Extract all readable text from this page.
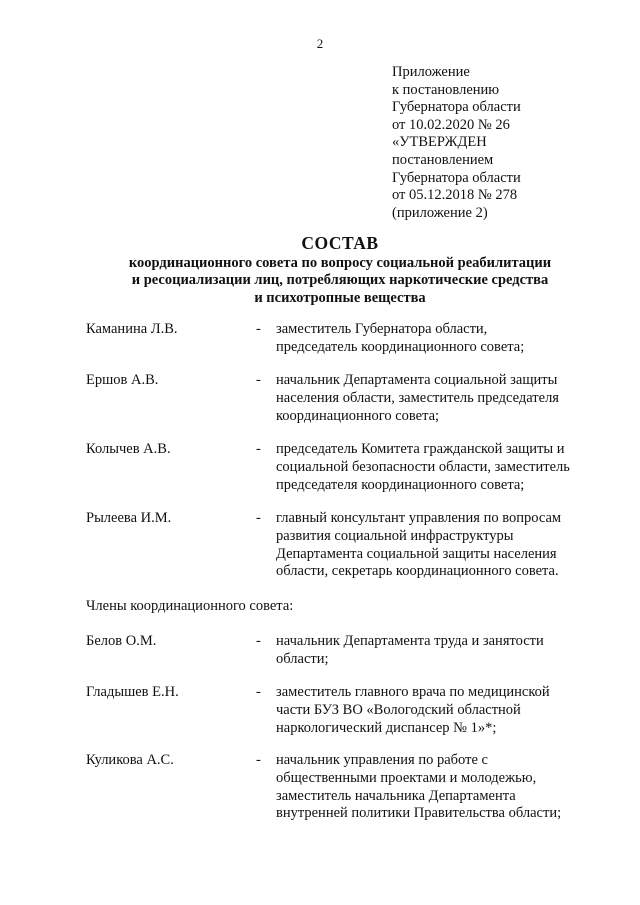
2
Приложение
к постановлению
Губернатора области
от 10.02.2020 № 26
«УТВЕРЖДЕН
постановлением
Губернатора области
от 05.12.2018 № 278
(приложение 2)
СОСТАВ
координационного совета по вопросу социальной реабилитации
и ресоциализации лиц, потребляющих наркотические средства
и психотропные вещества
Каманина Л.В.	- заместитель Губернатора области,
председатель координационного совета;
Ершов А.В.	- начальник Департамента социальной защиты
населения области, заместитель председателя
координационного совета;
Колычев А.В.	- председатель Комитета гражданской защиты и
социальной безопасности области, заместитель
председателя координационного совета;
Рылеева И.М.	- главный консультант управления по вопросам
развития социальной инфраструктуры
Департамента социальной защиты населения
области, секретарь координационного совета.
Члены координационного совета:
Белов О.М.	- начальник Департамента труда и занятости
области;
Гладышев Е.Н.	- заместитель главного врача по медицинской
части БУЗ ВО «Вологодский областной
наркологический диспансер № 1»*;
Куликова А.С.	- начальник управления по работе с
общественными проектами и молодежью,
заместитель начальника Департамента
внутренней политики Правительства области;
